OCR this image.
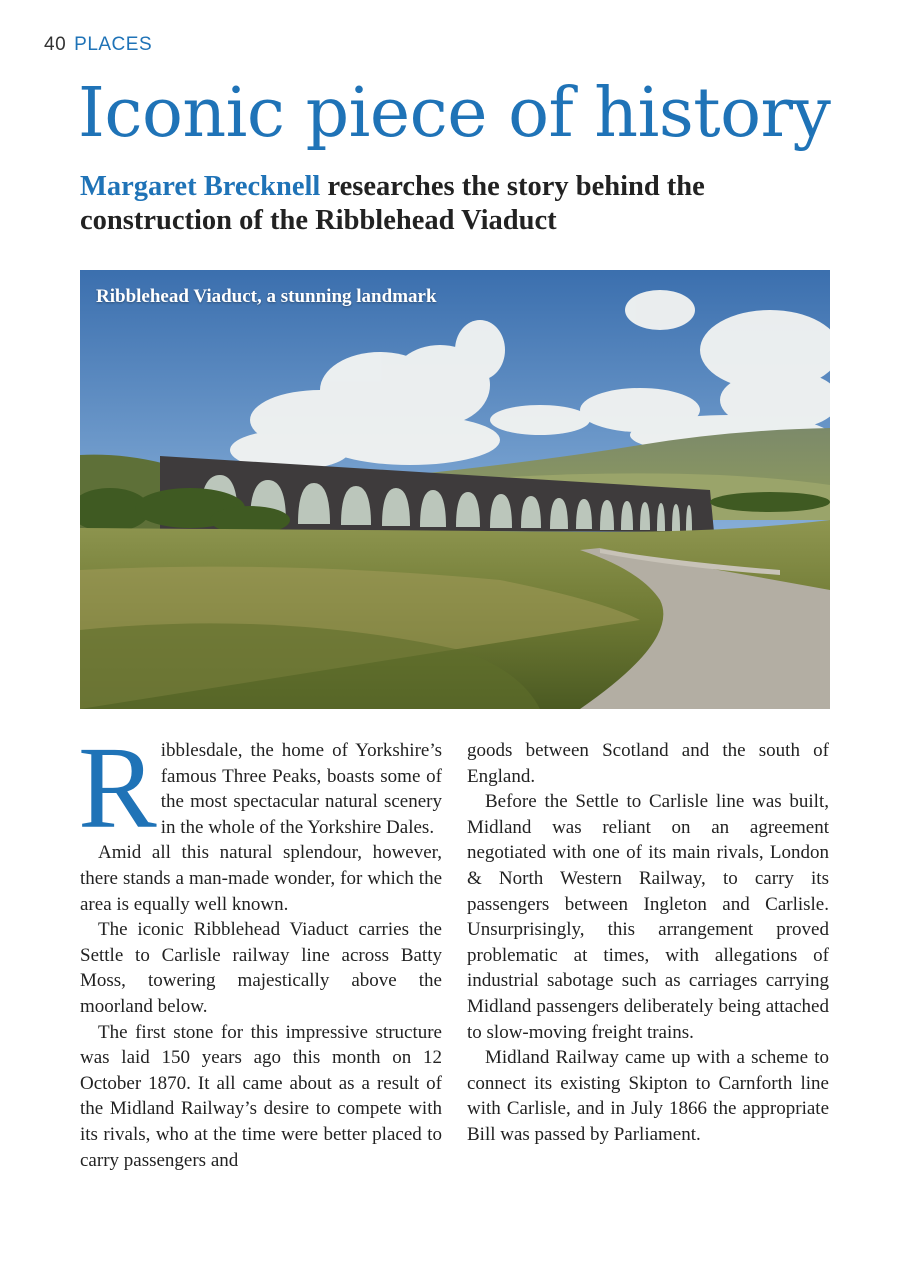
40 PLACES
Iconic piece of history

Margaret Brecknell researches the story behind the construction of the Ribblehead Viaduct

Ribblehead Viaduct, a stunning landmark

Ribblesdale, the home of Yorkshire’s famous Three Peaks, boasts some of the most spectacular natural scenery in the whole of the Yorkshire Dales.

Amid all this natural splendour, however, there stands a man-made wonder, for which the area is equally well known.

The iconic Ribblehead Viaduct carries the Settle to Carlisle railway line across Batty Moss, towering majestically above the moorland below.

The first stone for this impressive structure was laid 150 years ago this month on 12 October 1870. It all came about as a result of the Midland Railway’s desire to compete with its rivals, who at the time were better placed to carry passengers and

goods between Scotland and the south of England.

Before the Settle to Carlisle line was built, Midland was reliant on an agreement negotiated with one of its main rivals, London & North Western Railway, to carry its passengers between Ingleton and Carlisle. Unsurprisingly, this arrangement proved problematic at times, with allegations of industrial sabotage such as carriages carrying Midland passengers deliberately being attached to slow-moving freight trains.

Midland Railway came up with a scheme to connect its existing Skipton to Carnforth line with Carlisle, and in July 1866 the appropriate Bill was passed by Parliament.
